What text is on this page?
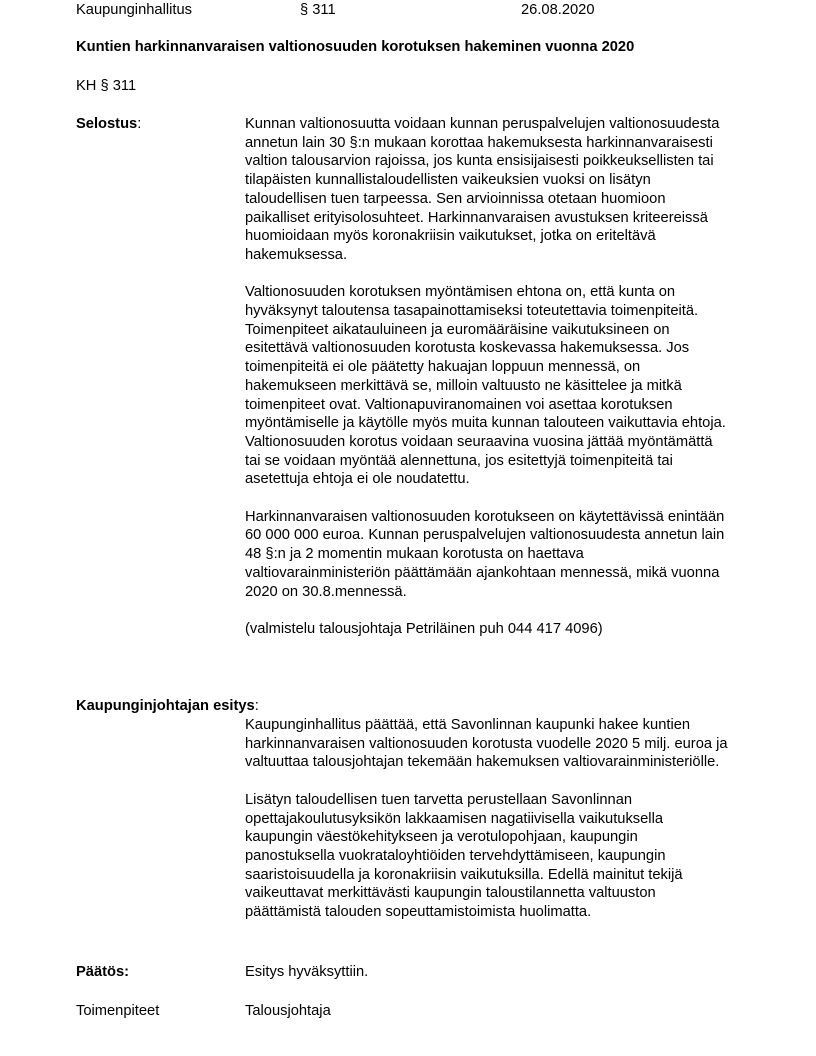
Kaupunginhallitus	§ 311	26.08.2020
Kuntien harkinnanvaraisen valtionosuuden korotuksen hakeminen vuonna 2020
KH § 311
Selostus:	Kunnan valtionosuutta voidaan kunnan peruspalvelujen valtionosuudesta annetun lain 30 §:n mukaan korottaa hakemuksesta harkinnanvaraisesti valtion talousarvion rajoissa, jos kunta ensisijaisesti poikkeuksellisten tai tilapäisten kunnallistaloudellisten vaikeuksien vuoksi on lisätyn taloudellisen tuen tarpeessa. Sen arvioinnissa otetaan huomioon paikalliset erityisolosuhteet. Harkinnanvaraisen avustuksen kriteereissä huomioidaan myös koronakriisin vaikutukset, jotka on eriteltävä hakemuksessa.

Valtionosuuden korotuksen myöntämisen ehtona on, että kunta on hyväksynyt taloutensa tasapainottamiseksi toteutettavia toimenpiteitä. Toimenpiteet aikatauluineen ja euromääräisine vaikutuksineen on esitettävä valtionosuuden korotusta koskevassa hakemuksessa. Jos toimenpiteitä ei ole päätetty hakuajan loppuun mennessä, on hakemukseen merkittävä se, milloin valtuusto ne käsittelee ja mitkä toimenpiteet ovat. Valtionapuviranomainen voi asettaa korotuksen myöntämiselle ja käytölle myös muita kunnan talouteen vaikuttavia ehtoja. Valtionosuuden korotus voidaan seuraavina vuosina jättää myöntämättä tai se voidaan myöntää alennettuna, jos esitettyjä toimenpiteitä tai asetettuja ehtoja ei ole noudatettu.

Harkinnanvaraisen valtionosuuden korotukseen on käytettävissä enintään 60 000 000 euroa. Kunnan peruspalvelujen valtionosuudesta annetun lain 48 §:n ja 2 momentin mukaan korotusta on haettava valtiovarainministeriön päättämään ajankohtaan mennessä, mikä vuonna 2020 on 30.8.mennessä.

(valmistelu talousjohtaja Petriläinen puh 044 417 4096)

Kaupunginjohtajan esitys:

Kaupunginhallitus päättää, että Savonlinnan kaupunki hakee kuntien harkinnanvaraisen valtionosuuden korotusta vuodelle 2020 5 milj. euroa ja valtuuttaa talousjohtajan tekemään hakemuksen valtiovarainministeriölle.

Lisätyn taloudellisen tuen tarvetta perustellaan Savonlinnan opettajakoulutusyksikön lakkaamisen nagatiivisella vaikutuksella kaupungin väestökehitykseen ja verotulopohjaan, kaupungin panostuksella vuokrataloyhtiöiden tervehdyttämiseen, kaupungin saaristoisuudella ja koronakriisin vaikutuksilla. Edellä mainitut tekijä vaikeuttavat merkittävästi kaupungin taloustilannetta valtuuston päättämistä talouden sopeuttamistoimista huolimatta.

Päätös:	Esitys hyväksyttiin.
Toimenpiteet	Talousjohtaja
